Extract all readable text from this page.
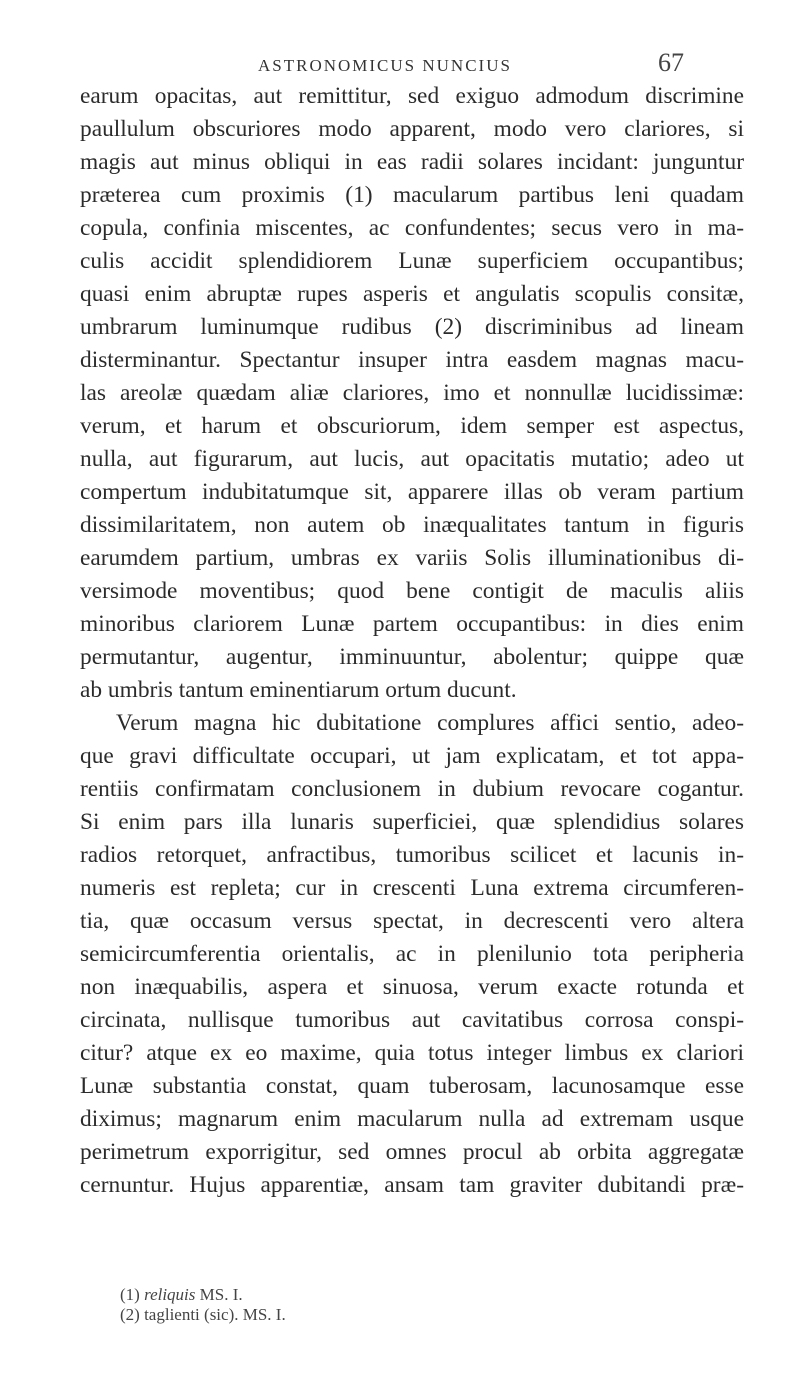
ASTRONOMICUS NUNCIUS	67
earum opacitas, aut remittitur, sed exiguo admodum discrimine
paullulum obscuriores modo apparent, modo vero clariores, si
magis aut minus obliqui in eas radii solares incidant: junguntur
præterea cum proximis (1) macularum partibus leni quadam
copula, confinia miscentes, ac confundentes; secus vero in ma-
culis accidit splendidiorem Lunæ superficiem occupantibus;
quasi enim abruptæ rupes asperis et angulatis scopulis consitæ,
umbrarum luminumque rudibus (2) discriminibus ad lineam
disterminantur. Spectantur insuper intra easdem magnas macu-
las areolæ quædam aliæ clariores, imo et nonnullæ lucidissimæ:
verum, et harum et obscuriorum, idem semper est aspectus,
nulla, aut figurarum, aut lucis, aut opacitatis mutatio; adeo ut
compertum indubitatumque sit, apparere illas ob veram partium
dissimilaritatem, non autem ob inæqualitates tantum in figuris
earumdem partium, umbras ex variis Solis illuminationibus di-
versimode moventibus; quod bene contigit de maculis aliis
minoribus clariorem Lunæ partem occupantibus: in dies enim
permutantur, augentur, imminuuntur, abolentur; quippe quæ
ab umbris tantum eminentiarum ortum ducunt.
Verum magna hic dubitatione complures affici sentio, adeo-
que gravi difficultate occupari, ut jam explicatam, et tot appa-
rentiis confirmatam conclusionem in dubium revocare cogantur.
Si enim pars illa lunaris superficiei, quæ splendidius solares
radios retorquet, anfractibus, tumoribus scilicet et lacunis in-
numeris est repleta; cur in crescenti Luna extrema circumferen-
tia, quæ occasum versus spectat, in decrescenti vero altera
semicircumferentia orientalis, ac in plenilunio tota peripheria
non inæquabilis, aspera et sinuosa, verum exacte rotunda et
circinata, nullisque tumoribus aut cavitatibus corrosa conspi-
citur? atque ex eo maxime, quia totus integer limbus ex clariori
Lunæ substantia constat, quam tuberosam, lacunosamque esse
diximus; magnarum enim macularum nulla ad extremam usque
perimetrum exporrigitur, sed omnes procul ab orbita aggregatæ
cernuntur. Hujus apparentiæ, ansam tam graviter dubitandi præ-
(1) reliquis MS. I.
(2) taglienti (sic). MS. I.
